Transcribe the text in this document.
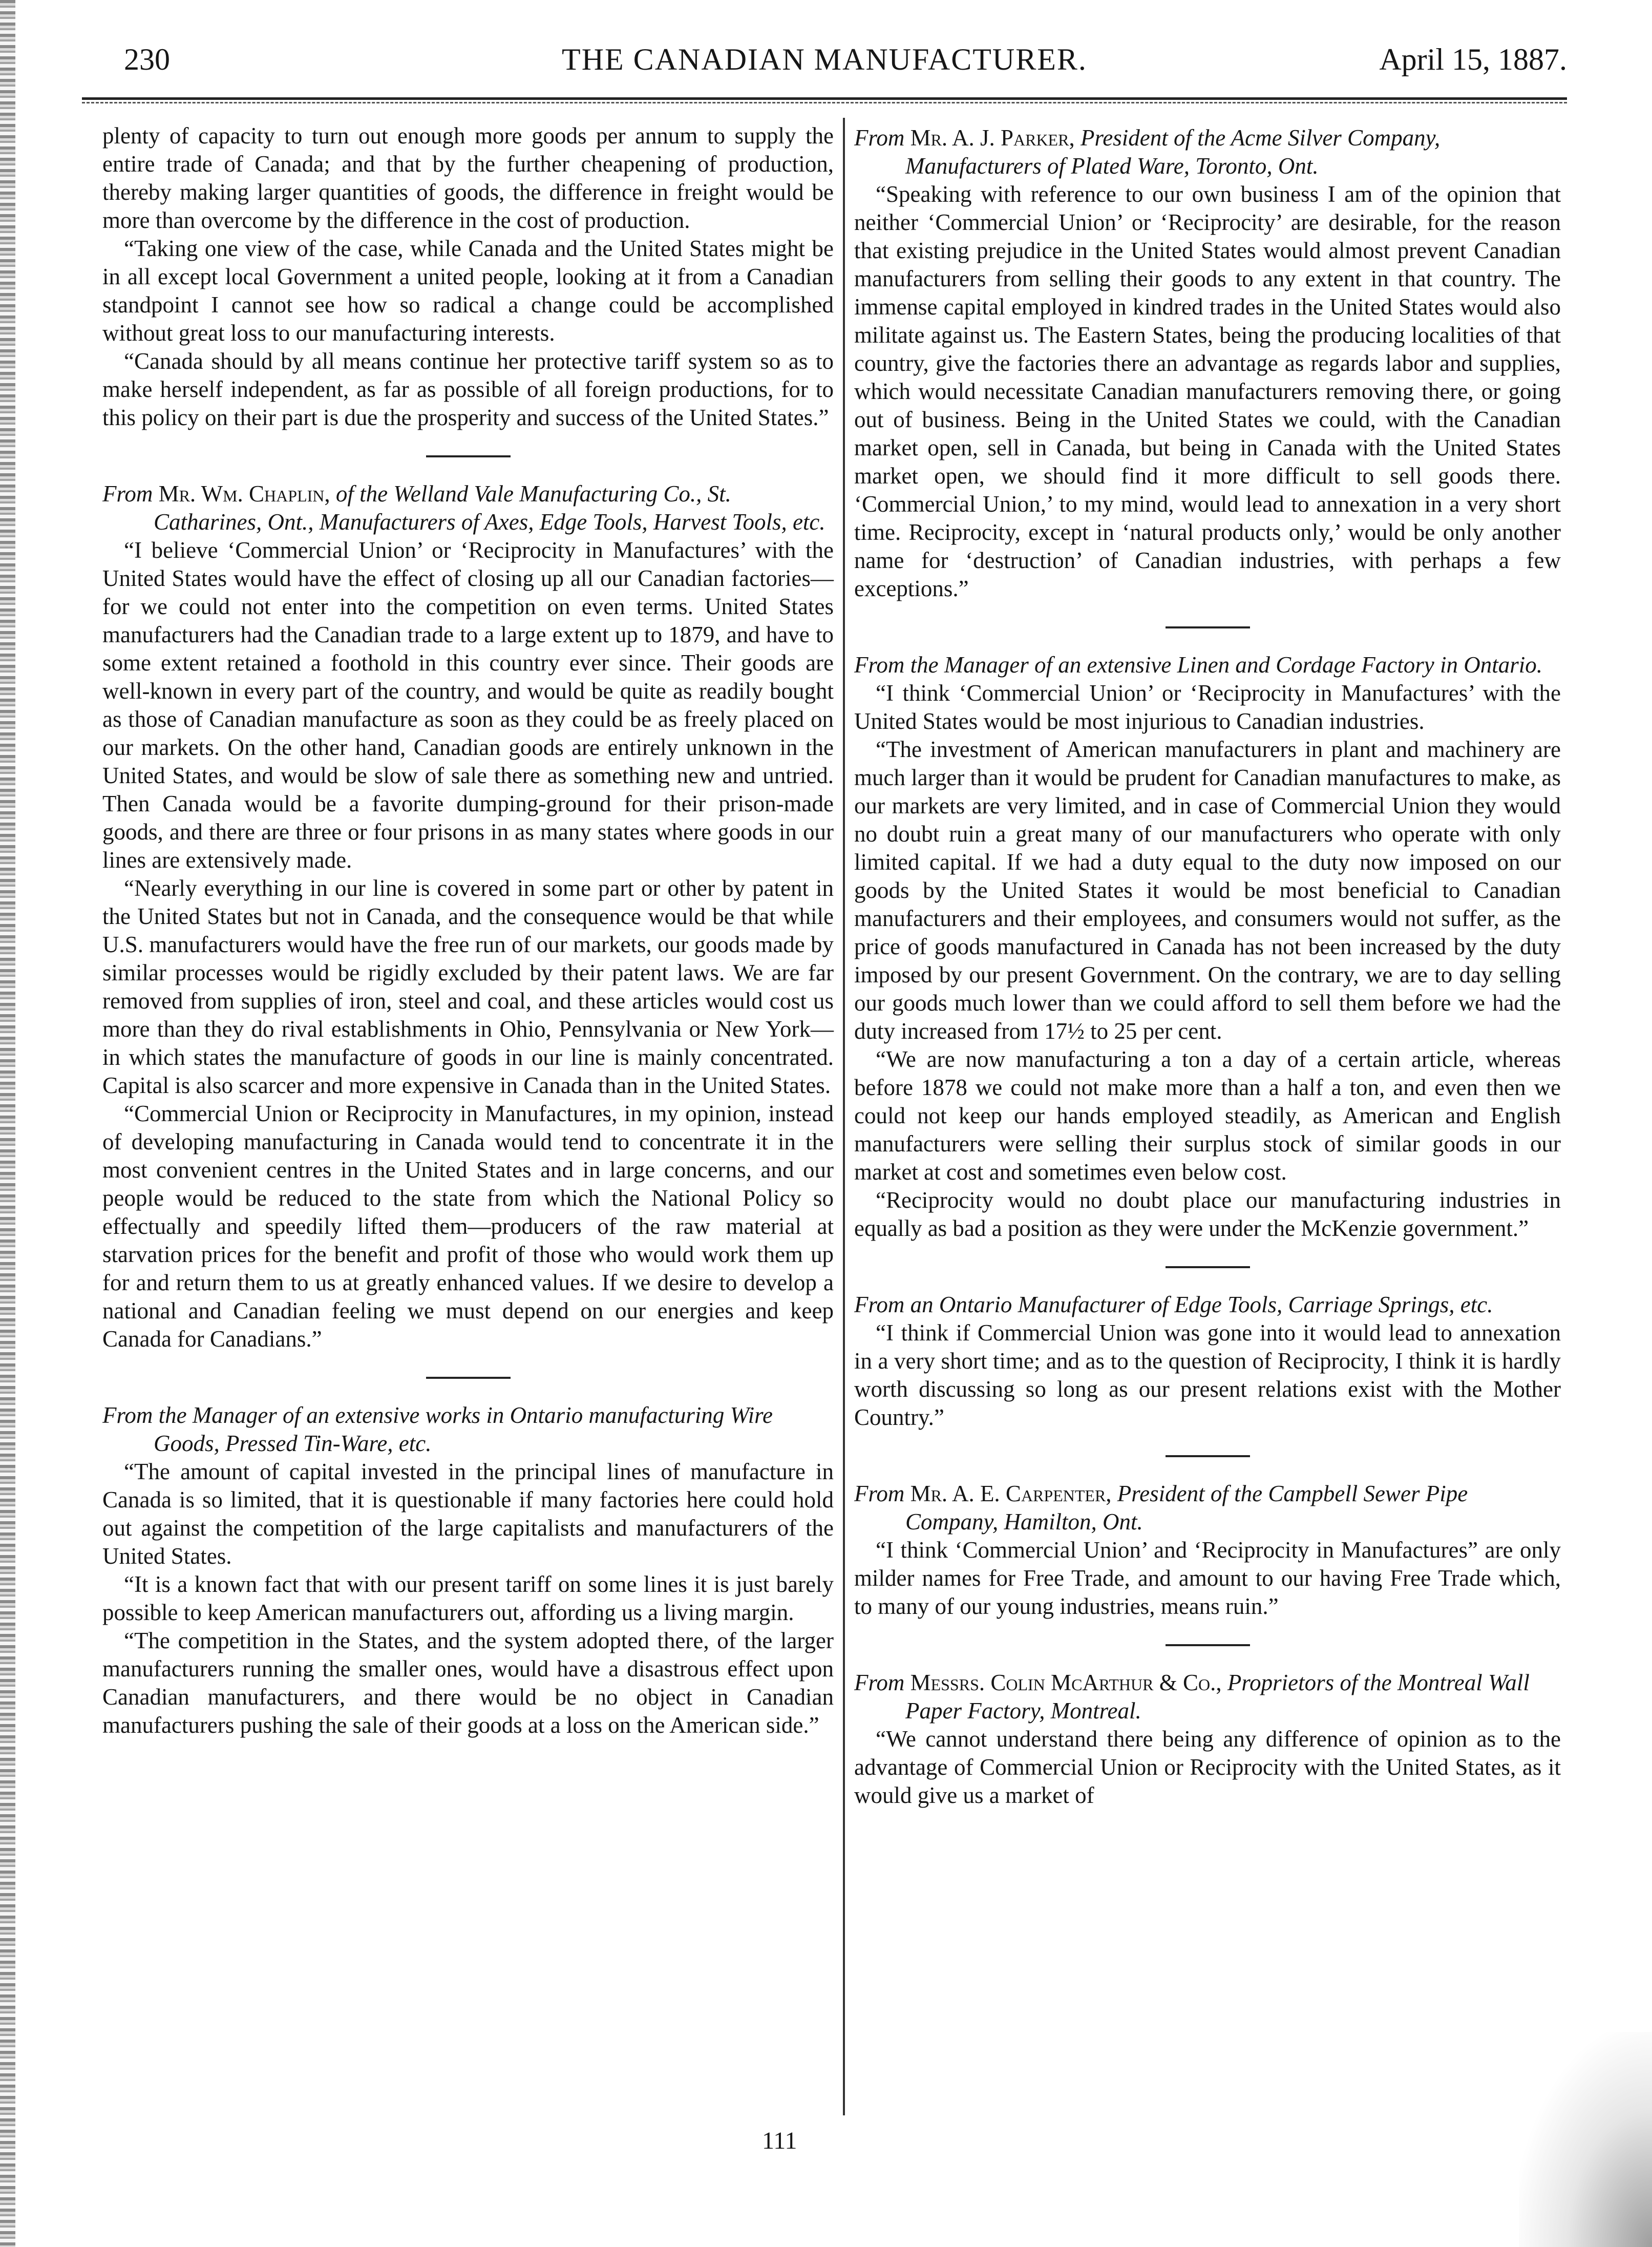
230	THE CANADIAN MANUFACTURER.	April 15, 1887.

plenty of capacity to turn out enough more goods per annum to supply the entire trade of Canada; and that by the further cheapening of production, thereby making larger quantities of goods, the difference in freight would be more than overcome by the difference in the cost of production.

“Taking one view of the case, while Canada and the United States might be in all except local Government a united people, looking at it from a Canadian standpoint I cannot see how so radical a change could be accomplished without great loss to our manufacturing interests.

“Canada should by all means continue her protective tariff system so as to make herself independent, as far as possible of all foreign productions, for to this policy on their part is due the prosperity and success of the United States.”

From Mr. Wm. Chaplin, of the Welland Vale Manufacturing Co., St. Catharines, Ont., Manufacturers of Axes, Edge Tools, Harvest Tools, etc.

“I believe ‘Commercial Union’ or ‘Reciprocity in Manufactures’ with the United States would have the effect of closing up all our Canadian factories—for we could not enter into the competition on even terms. United States manufacturers had the Canadian trade to a large extent up to 1879, and have to some extent retained a foothold in this country ever since. Their goods are well-known in every part of the country, and would be quite as readily bought as those of Canadian manufacture as soon as they could be as freely placed on our markets. On the other hand, Canadian goods are entirely unknown in the United States, and would be slow of sale there as something new and untried. Then Canada would be a favorite dumping-ground for their prison-made goods, and there are three or four prisons in as many states where goods in our lines are extensively made.

“Nearly everything in our line is covered in some part or other by patent in the United States but not in Canada, and the consequence would be that while U.S. manufacturers would have the free run of our markets, our goods made by similar processes would be rigidly excluded by their patent laws. We are far removed from supplies of iron, steel and coal, and these articles would cost us more than they do rival establishments in Ohio, Pennsylvania or New York—in which states the manufacture of goods in our line is mainly concentrated. Capital is also scarcer and more expensive in Canada than in the United States.

“Commercial Union or Reciprocity in Manufactures, in my opinion, instead of developing manufacturing in Canada would tend to concentrate it in the most convenient centres in the United States and in large concerns, and our people would be reduced to the state from which the National Policy so effectually and speedily lifted them—producers of the raw material at starvation prices for the benefit and profit of those who would work them up for and return them to us at greatly enhanced values. If we desire to develop a national and Canadian feeling we must depend on our energies and keep Canada for Canadians.”

From the Manager of an extensive works in Ontario manufacturing Wire Goods, Pressed Tin-Ware, etc.

“The amount of capital invested in the principal lines of manufacture in Canada is so limited, that it is questionable if many factories here could hold out against the competition of the large capitalists and manufacturers of the United States.

“It is a known fact that with our present tariff on some lines it is just barely possible to keep American manufacturers out, affording us a living margin.

“The competition in the States, and the system adopted there, of the larger manufacturers running the smaller ones, would have a disastrous effect upon Canadian manufacturers, and there would be no object in Canadian manufacturers pushing the sale of their goods at a loss on the American side.”

From Mr. A. J. Parker, President of the Acme Silver Company, Manufacturers of Plated Ware, Toronto, Ont.

“Speaking with reference to our own business I am of the opinion that neither ‘Commercial Union’ or ‘Reciprocity’ are desirable, for the reason that existing prejudice in the United States would almost prevent Canadian manufacturers from selling their goods to any extent in that country. The immense capital employed in kindred trades in the United States would also militate against us. The Eastern States, being the producing localities of that country, give the factories there an advantage as regards labor and supplies, which would necessitate Canadian manufacturers removing there, or going out of business. Being in the United States we could, with the Canadian market open, sell in Canada, but being in Canada with the United States market open, we should find it more difficult to sell goods there. ‘Commercial Union,’ to my mind, would lead to annexation in a very short time. Reciprocity, except in ‘natural products only,’ would be only another name for ‘destruction’ of Canadian industries, with perhaps a few exceptions.”

From the Manager of an extensive Linen and Cordage Factory in Ontario.

“I think ‘Commercial Union’ or ‘Reciprocity in Manufactures’ with the United States would be most injurious to Canadian industries.

“The investment of American manufacturers in plant and machinery are much larger than it would be prudent for Canadian manufactures to make, as our markets are very limited, and in case of Commercial Union they would no doubt ruin a great many of our manufacturers who operate with only limited capital. If we had a duty equal to the duty now imposed on our goods by the United States it would be most beneficial to Canadian manufacturers and their employees, and consumers would not suffer, as the price of goods manufactured in Canada has not been increased by the duty imposed by our present Government. On the contrary, we are to day selling our goods much lower than we could afford to sell them before we had the duty increased from 17½ to 25 per cent.

“We are now manufacturing a ton a day of a certain article, whereas before 1878 we could not make more than a half a ton, and even then we could not keep our hands employed steadily, as American and English manufacturers were selling their surplus stock of similar goods in our market at cost and sometimes even below cost.

“Reciprocity would no doubt place our manufacturing industries in equally as bad a position as they were under the McKenzie government.”

From an Ontario Manufacturer of Edge Tools, Carriage Springs, etc.

“I think if Commercial Union was gone into it would lead to annexation in a very short time; and as to the question of Reciprocity, I think it is hardly worth discussing so long as our present relations exist with the Mother Country.”

From Mr. A. E. Carpenter, President of the Campbell Sewer Pipe Company, Hamilton, Ont.

“I think ‘Commercial Union’ and ‘Reciprocity in Manufactures” are only milder names for Free Trade, and amount to our having Free Trade which, to many of our young industries, means ruin.”

From Messrs. Colin McArthur & Co., Proprietors of the Montreal Wall Paper Factory, Montreal.

“We cannot understand there being any difference of opinion as to the advantage of Commercial Union or Reciprocity with the United States, as it would give us a market of

111
